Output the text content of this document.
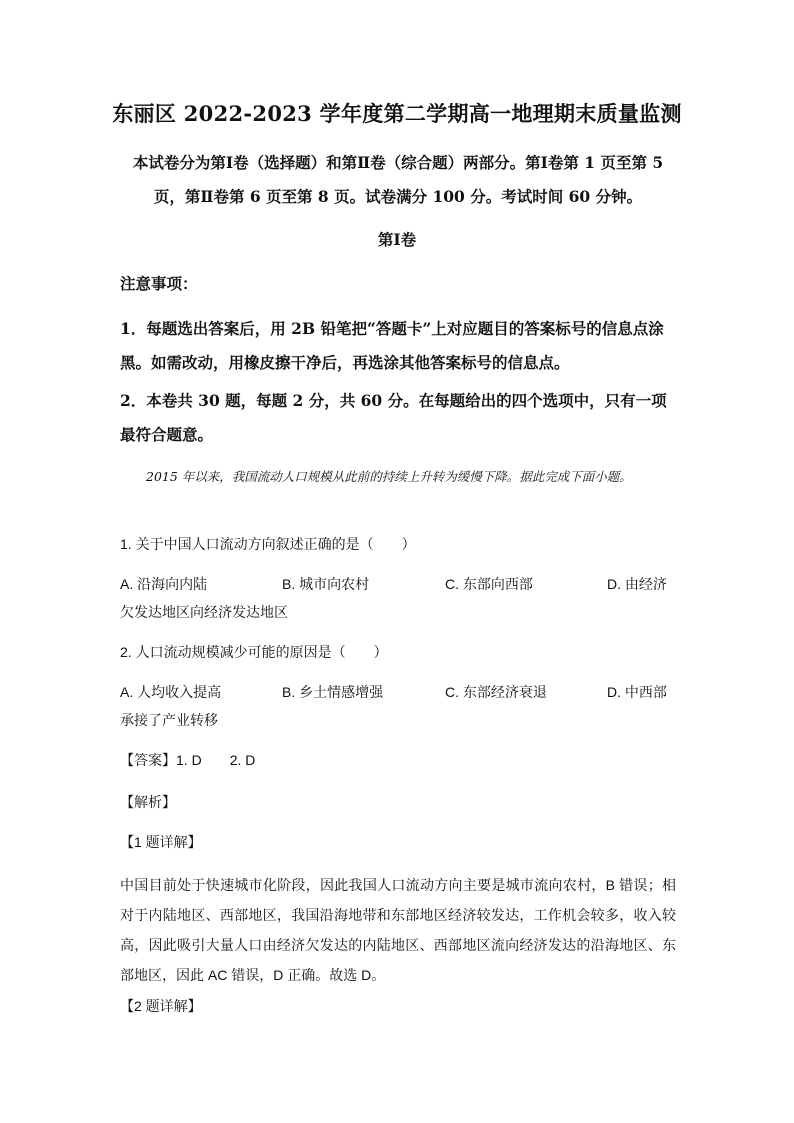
东丽区 2022-2023 学年度第二学期高一地理期末质量监测
本试卷分为第Ⅰ卷（选择题）和第Ⅱ卷（综合题）两部分。第Ⅰ卷第 1 页至第 5 页，第Ⅱ卷第 6 页至第 8 页。试卷满分 100 分。考试时间 60 分钟。
第Ⅰ卷
注意事项：
1．每题选出答案后，用 2B 铅笔把“答题卡”上对应题目的答案标号的信息点涂黑。如需改动，用橡皮擦干净后，再选涂其他答案标号的信息点。
2．本卷共 30 题，每题 2 分，共 60 分。在每题给出的四个选项中，只有一项最符合题意。
2015 年以来，我国流动人口规模从此前的持续上升转为缓慢下降。据此完成下面小题。
1. 关于中国人口流动方向叙述正确的是（　　）
A. 沿海向内陆	B. 城市向农村	C. 东部向西部	D. 由经济
欠发达地区向经济发达地区
2. 人口流动规模减少可能的原因是（　　）
A. 人均收入提高	B. 乡土情感增强	C. 东部经济衰退	D. 中西部
承接了产业转移
【答案】1. D 2. D
【解析】
【1 题详解】
中国目前处于快速城市化阶段，因此我国人口流动方向主要是城市流向农村，B 错误；相对于内陆地区、西部地区，我国沿海地带和东部地区经济较发达，工作机会较多，收入较高，因此吸引大量人口由经济欠发达的内陆地区、西部地区流向经济发达的沿海地区、东部地区，因此 AC 错误，D 正确。故选 D。
【2 题详解】
